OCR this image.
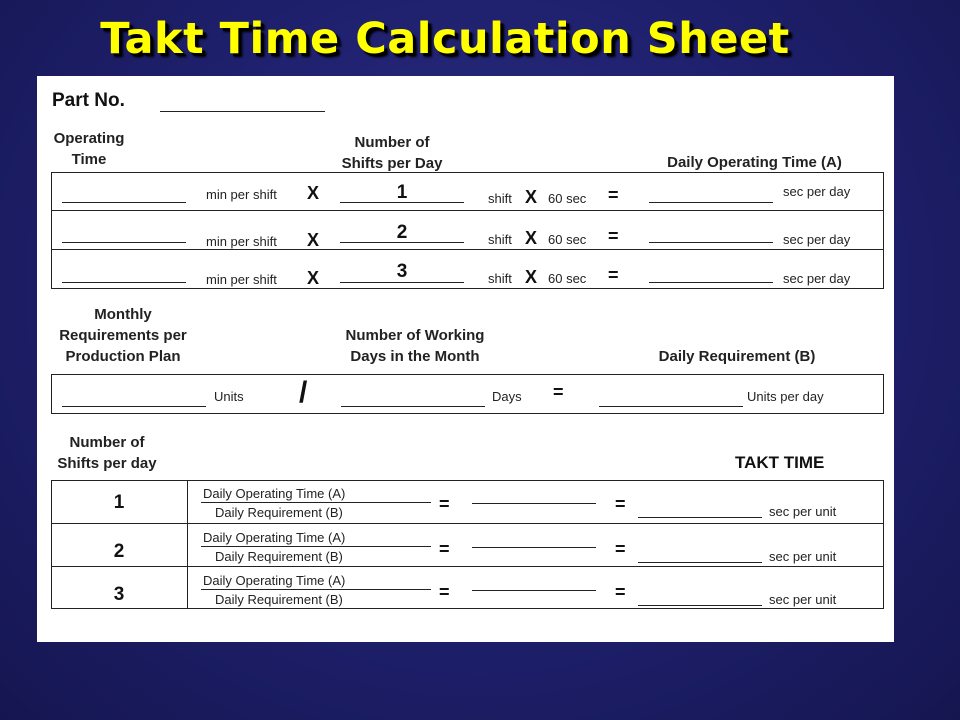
Takt Time Calculation Sheet
Part No.
Operating
Time
Number of
Shifts per Day	Daily Operating Time (A)
min per shift X	1	shift X 60 sec =	sec per day
min per shift X	2	shift X 60 sec =	sec per day
min per shift X	3	shift X 60 sec =	sec per day
Monthly
Requirements per
Production Plan
Number of Working
Days in the Month	Daily Requirement (B)
Units /	Days =	Units per day
Number of
Shifts per day	TAKT TIME
1	Daily Operating Time (A)
Daily Requirement (B)	=	=	sec per unit
2
Daily Operating Time (A)
Daily Requirement (B)	=	=	sec per unit
3
Daily Operating Time (A)
Daily Requirement (B)	=	=	sec per unit
